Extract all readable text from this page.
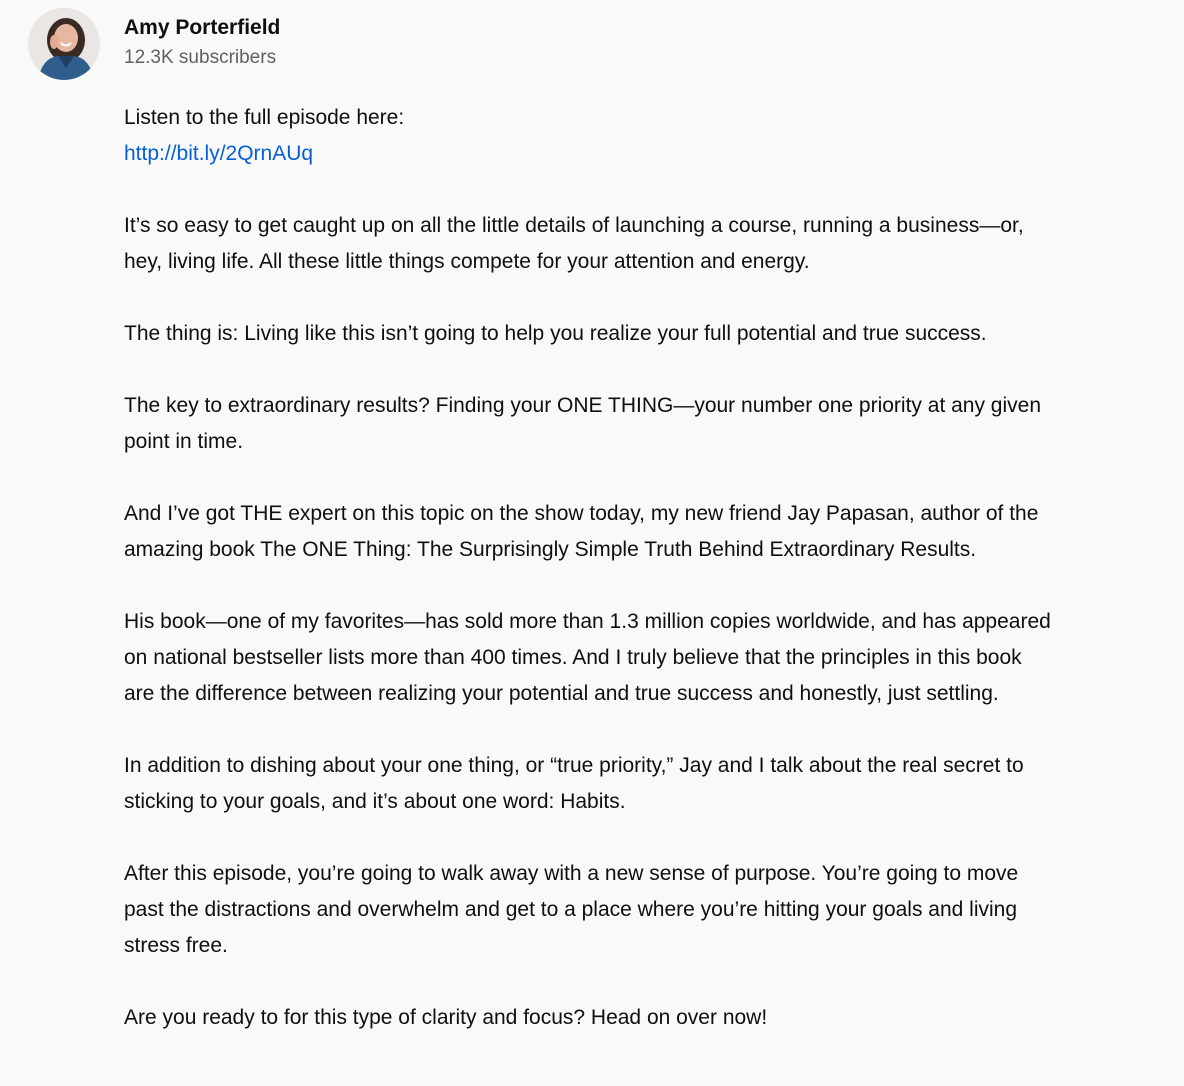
Amy Porterfield
12.3K subscribers

Listen to the full episode here:
http://bit.ly/2QrnAUq

It’s so easy to get caught up on all the little details of launching a course, running a business—or, hey, living life. All these little things compete for your attention and energy.

The thing is: Living like this isn’t going to help you realize your full potential and true success.

The key to extraordinary results? Finding your ONE THING—your number one priority at any given point in time.

And I’ve got THE expert on this topic on the show today, my new friend Jay Papasan, author of the amazing book The ONE Thing: The Surprisingly Simple Truth Behind Extraordinary Results.

His book—one of my favorites—has sold more than 1.3 million copies worldwide, and has appeared on national bestseller lists more than 400 times. And I truly believe that the principles in this book are the difference between realizing your potential and true success and honestly, just settling.

In addition to dishing about your one thing, or “true priority,” Jay and I talk about the real secret to sticking to your goals, and it’s about one word: Habits.

After this episode, you’re going to walk away with a new sense of purpose. You’re going to move past the distractions and overwhelm and get to a place where you’re hitting your goals and living stress free.

Are you ready to for this type of clarity and focus? Head on over now!
